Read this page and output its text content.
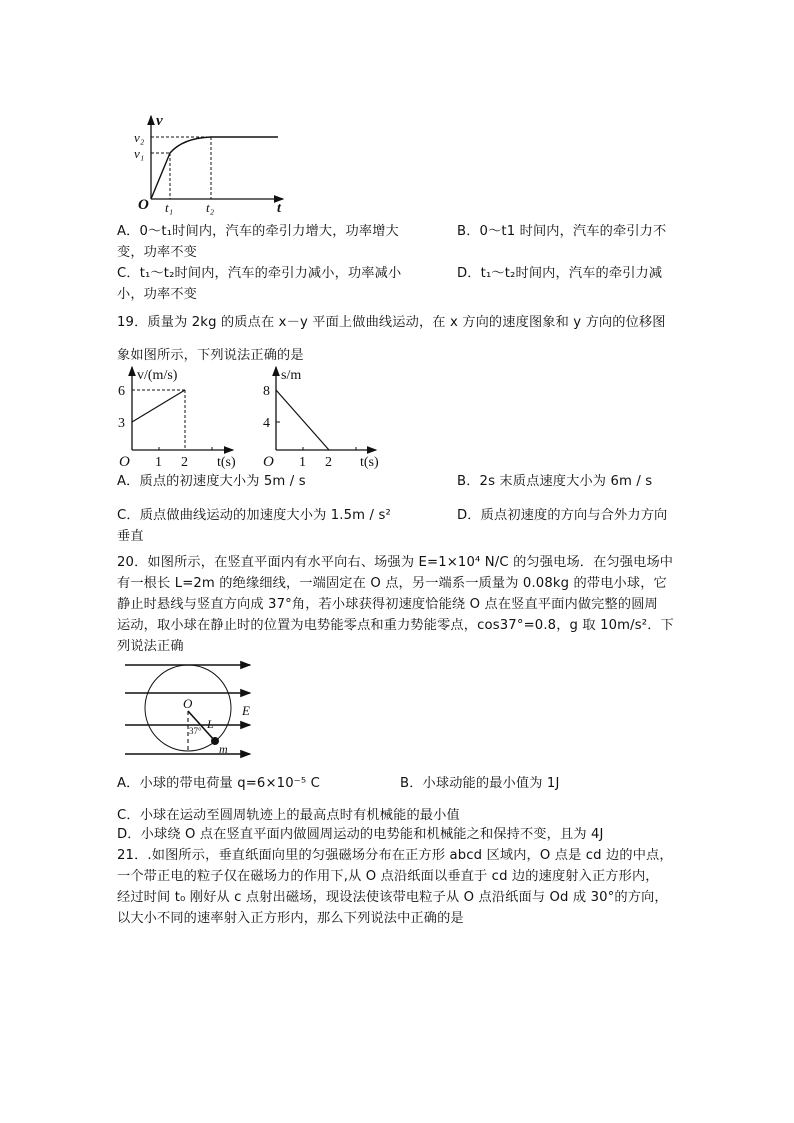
v
v₂
v₁
O t₁	t₂	t
A．0～t₁时间内，汽车的牵引力增大，功率增大	B．0～t1 时间内，汽车的牵引力不
变，功率不变
C．t₁～t₂时间内，汽车的牵引力减小，功率减小	D．t₁～t₂时间内，汽车的牵引力减
小，功率不变
19．质量为 2kg 的质点在 x－y 平面上做曲线运动，在 x 方向的速度图象和 y 方向的位移图
象如图所示，下列说法正确的是
v/(m/s)
6
3
O 1 2 t(s)
s/m
8
4
O 1 2 t(s)
A．质点的初速度大小为 5m / s	B．2s 末质点速度大小为 6m / s
C．质点做曲线运动的加速度大小为 1.5m / s²	D．质点初速度的方向与合外力方向
垂直
20．如图所示，在竖直平面内有水平向右、场强为 E=1×10⁴ N/C 的匀强电场．在匀强电场中
有一根长 L=2m 的绝缘细线，一端固定在 O 点，另一端系一质量为 0.08kg 的带电小球，它
静止时悬线与竖直方向成 37°角，若小球获得初速度恰能绕 O 点在竖直平面内做完整的圆周
运动，取小球在静止时的位置为电势能零点和重力势能零点，cos37°=0.8，g 取 10m/s²．下
列说法正确
O
L
E
m
37°
A．小球的带电荷量 q=6×10⁻⁵ C	B．小球动能的最小值为 1J
C．小球在运动至圆周轨迹上的最高点时有机械能的最小值
D．小球绕 O 点在竖直平面内做圆周运动的电势能和机械能之和保持不变，且为 4J
21．.如图所示，垂直纸面向里的匀强磁场分布在正方形 abcd 区域内，O 点是 cd 边的中点，
一个带正电的粒子仅在磁场力的作用下,从 O 点沿纸面以垂直于 cd 边的速度射入正方形内，
经过时间 t₀ 刚好从 c 点射出磁场，现设法使该带电粒子从 O 点沿纸面与 Od 成 30°的方向，
以大小不同的速率射入正方形内，那么下列说法中正确的是
